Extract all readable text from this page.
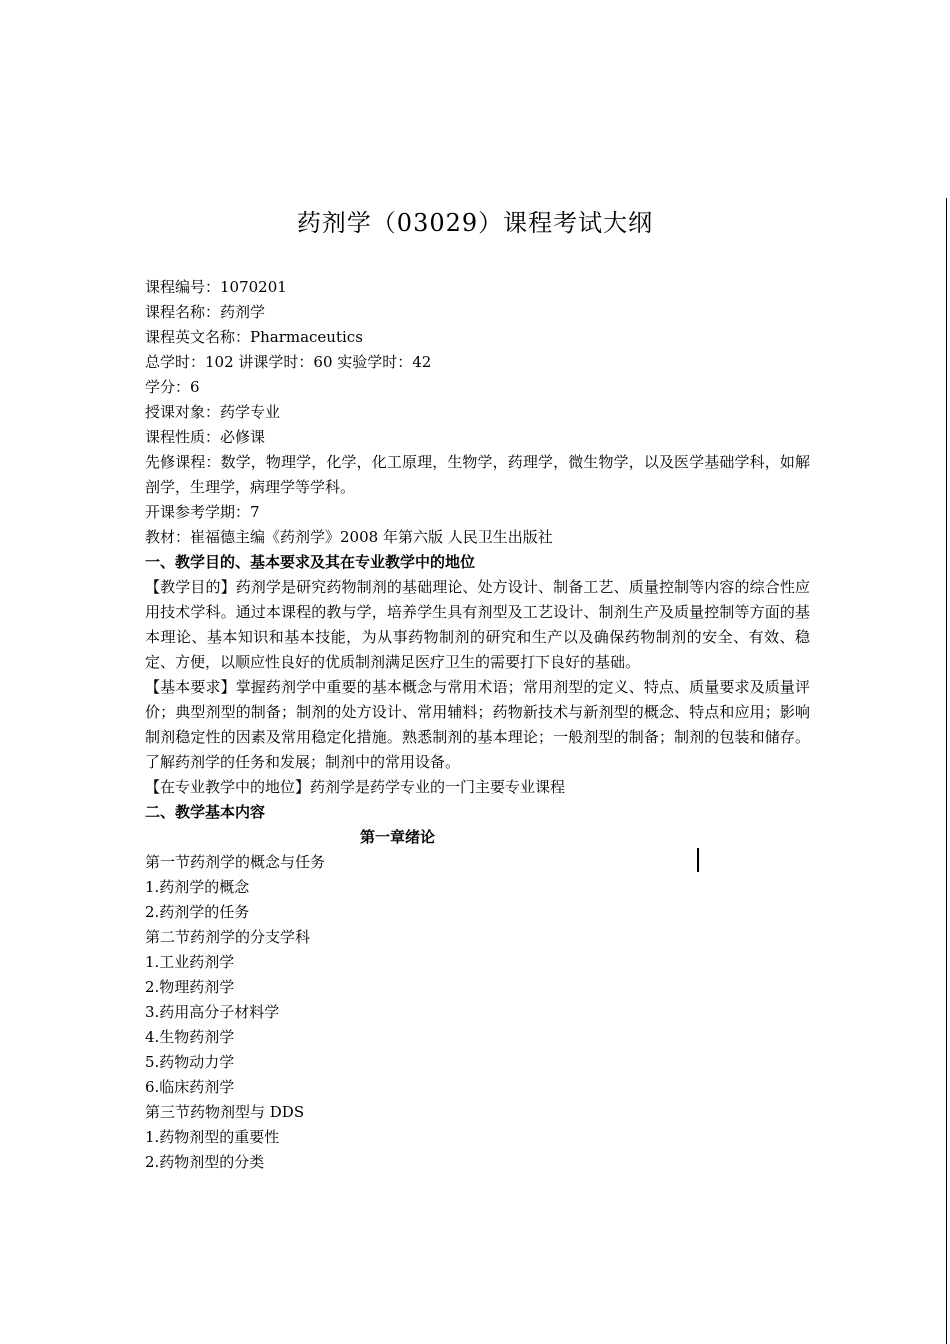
药剂学（03029）课程考试大纲
课程编号：1070201
课程名称：药剂学
课程英文名称：Pharmaceutics
总学时：102 讲课学时：60 实验学时：42
学分：6
授课对象：药学专业
课程性质：必修课
先修课程：数学，物理学，化学，化工原理，生物学，药理学，微生物学，以及医学基础学科，如解剖学，生理学，病理学等学科。
开课参考学期：7
教材：崔福德主编《药剂学》2008 年第六版 人民卫生出版社
一、教学目的、基本要求及其在专业教学中的地位
【教学目的】药剂学是研究药物制剂的基础理论、处方设计、制备工艺、质量控制等内容的综合性应用技术学科。通过本课程的教与学，培养学生具有剂型及工艺设计、制剂生产及质量控制等方面的基本理论、基本知识和基本技能，为从事药物制剂的研究和生产以及确保药物制剂的安全、有效、稳定、方便，以顺应性良好的优质制剂满足医疗卫生的需要打下良好的基础。
【基本要求】掌握药剂学中重要的基本概念与常用术语；常用剂型的定义、特点、质量要求及质量评价；典型剂型的制备；制剂的处方设计、常用辅料；药物新技术与新剂型的概念、特点和应用；影响制剂稳定性的因素及常用稳定化措施。熟悉制剂的基本理论；一般剂型的制备；制剂的包装和储存。了解药剂学的任务和发展；制剂中的常用设备。
【在专业教学中的地位】药剂学是药学专业的一门主要专业课程
二、教学基本内容
第一章绪论
第一节药剂学的概念与任务
1.药剂学的概念
2.药剂学的任务
第二节药剂学的分支学科
1.工业药剂学
2.物理药剂学
3.药用高分子材料学
4.生物药剂学
5.药物动力学
6.临床药剂学
第三节药物剂型与 DDS
1.药物剂型的重要性
2.药物剂型的分类
